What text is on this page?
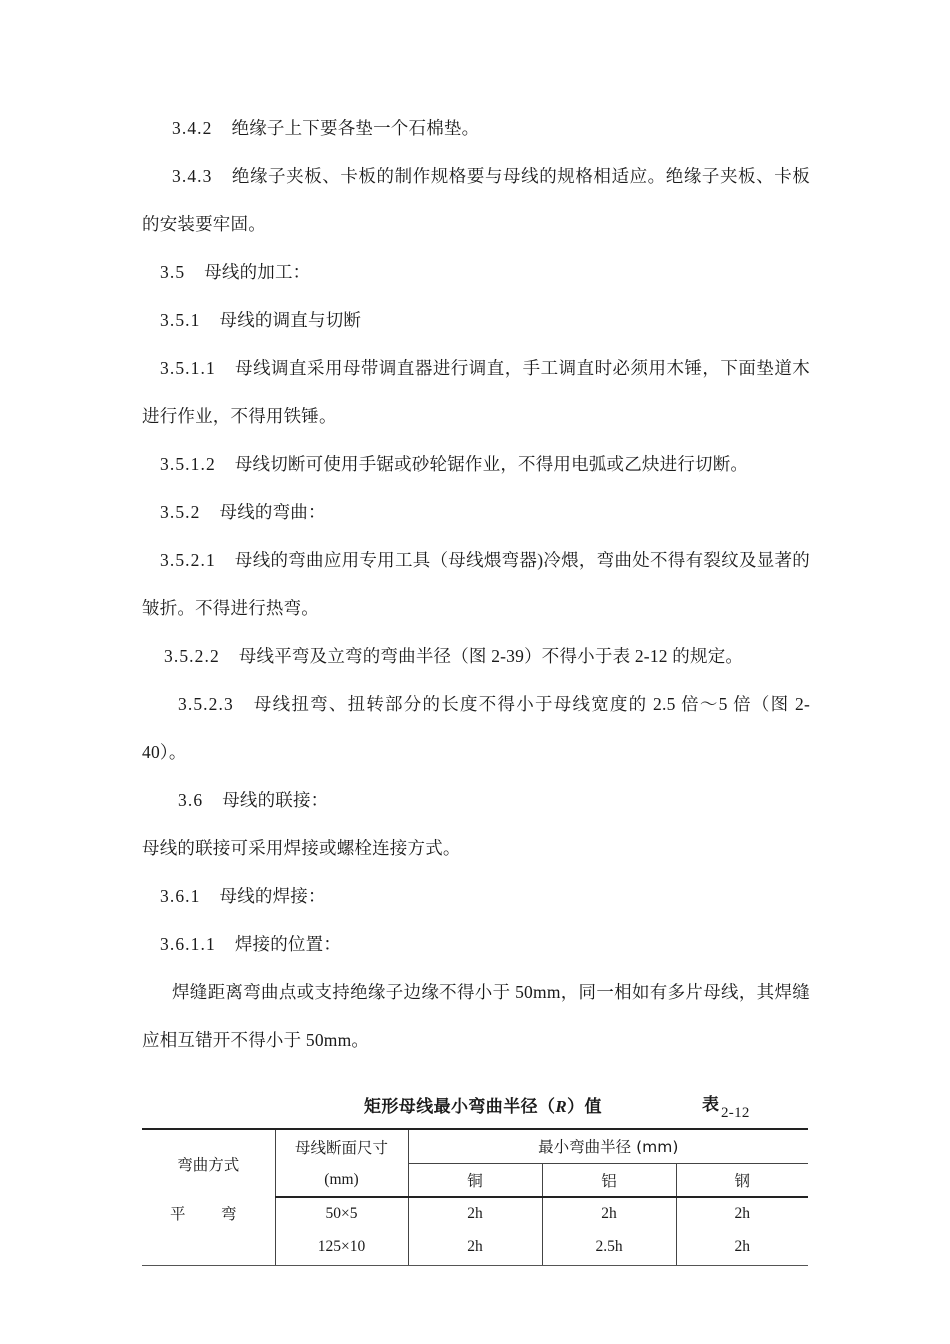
3.4.2 绝缘子上下要各垫一个石棉垫。

3.4.3 绝缘子夹板、卡板的制作规格要与母线的规格相适应。绝缘子夹板、卡板的安装要牢固。

3.5 母线的加工：

3.5.1 母线的调直与切断

3.5.1.1 母线调直采用母带调直器进行调直，手工调直时必须用木锤，下面垫道木进行作业，不得用铁锤。

3.5.1.2 母线切断可使用手锯或砂轮锯作业，不得用电弧或乙炔进行切断。

3.5.2 母线的弯曲：

3.5.2.1 母线的弯曲应用专用工具（母线煨弯器)冷煨，弯曲处不得有裂纹及显著的皱折。不得进行热弯。

3.5.2.2 母线平弯及立弯的弯曲半径（图 2-39）不得小于表 2-12 的规定。

3.5.2.3 母线扭弯、扭转部分的长度不得小于母线宽度的 2.5 倍～5 倍（图 2-40）。

3.6 母线的联接：

母线的联接可采用焊接或螺栓连接方式。

3.6.1 母线的焊接：

3.6.1.1 焊接的位置：

焊缝距离弯曲点或支持绝缘子边缘不得小于 50mm，同一相如有多片母线，其焊缝应相互错开不得小于 50mm。

矩形母线最小弯曲半径（R）值	表 2-12
弯曲方式	母线断面尺寸	最小弯曲半径 (mm)		
	(mm)	铜	铝	钢
平　弯	50×5	2h	2h	2h
	125×10	2h	2.5h	2h
